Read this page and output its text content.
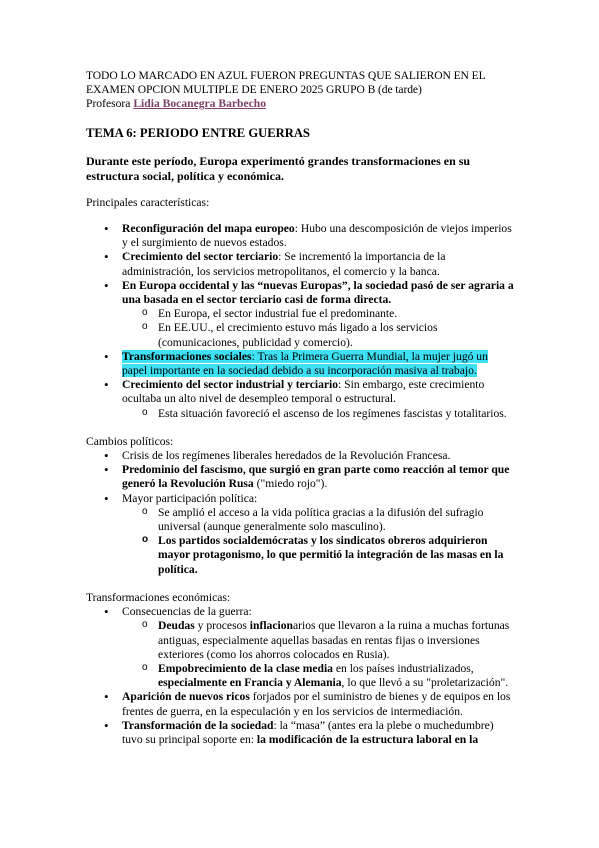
TODO LO MARCADO EN AZUL FUERON PREGUNTAS QUE SALIERON EN EL

EXAMEN OPCION MULTIPLE DE ENERO 2025 GRUPO B (de tarde)

Profesora Lidia Bocanegra Barbecho

TEMA 6: PERIODO ENTRE GUERRAS

Durante este período, Europa experimentó grandes transformaciones en su estructura social, política y económica.

Principales características:

• Reconfiguración del mapa europeo: Hubo una descomposición de viejos imperios y el surgimiento de nuevos estados.
• Crecimiento del sector terciario: Se incrementó la importancia de la administración, los servicios metropolitanos, el comercio y la banca.
• En Europa occidental y las “nuevas Europas”, la sociedad pasó de ser agraria a una basada en el sector terciario casi de forma directa.
o En Europa, el sector industrial fue el predominante.
o En EE.UU., el crecimiento estuvo más ligado a los servicios (comunicaciones, publicidad y comercio).
• Transformaciones sociales: Tras la Primera Guerra Mundial, la mujer jugó un papel importante en la sociedad debido a su incorporación masiva al trabajo.
• Crecimiento del sector industrial y terciario: Sin embargo, este crecimiento ocultaba un alto nivel de desempleo temporal o estructural.
o Esta situación favoreció el ascenso de los regímenes fascistas y totalitarios.

Cambios políticos:

• Crisis de los regímenes liberales heredados de la Revolución Francesa.
• Predominio del fascismo, que surgió en gran parte como reacción al temor que generó la Revolución Rusa ("miedo rojo").
• Mayor participación política:
o Se amplió el acceso a la vida política gracias a la difusión del sufragio universal (aunque generalmente solo masculino).
o Los partidos socialdemócratas y los sindicatos obreros adquirieron mayor protagonismo, lo que permitió la integración de las masas en la política.

Transformaciones económicas:

• Consecuencias de la guerra:
o Deudas y procesos inflacionarios que llevaron a la ruina a muchas fortunas antiguas, especialmente aquellas basadas en rentas fijas o inversiones exteriores (como los ahorros colocados en Rusia).
o Empobrecimiento de la clase media en los países industrializados, especialmente en Francia y Alemania, lo que llevó a su "proletarización".
• Aparición de nuevos ricos forjados por el suministro de bienes y de equipos en los frentes de guerra, en la especulación y en los servicios de intermediación.
• Transformación de la sociedad: la “masa” (antes era la plebe o muchedumbre) tuvo su principal soporte en: la modificación de la estructura laboral en la
